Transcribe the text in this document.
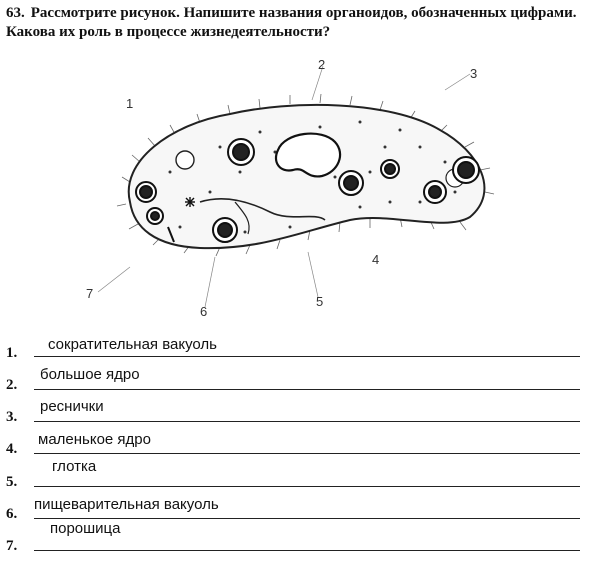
63. Рассмотрите рисунок. Напишите названия органоидов, обозначенных цифрами. Какова их роль в процессе жизнедеятельности?
1
2
3
4
5
6
7
1. сократительная вакуоль
2.
большое ядро
3.
реснички
4.
маленькое ядро
5.
глотка
6.
пищеварительная вакуоль
7.
порошица
